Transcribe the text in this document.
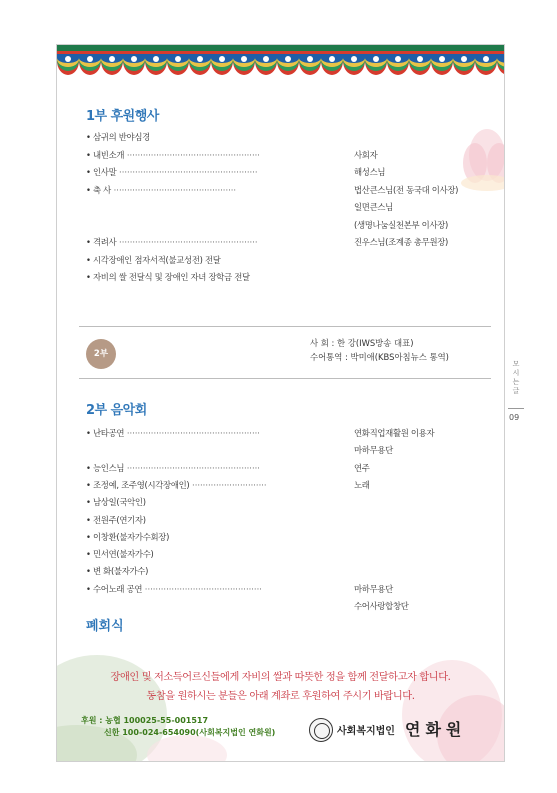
1부 후원행사
• 삼귀의 반야심경
• 내빈소개 ··················································	사회자
• 인사말 ····················································	해성스님
• 축 사 ··············································	법산큰스님(전 동국대 이사장)
일면큰스님
(생명나눔실천본부 이사장)
• 격려사 ····················································	진우스님(조계종 총무원장)
• 시각장애인 점자서적(불교성전) 전달
• 자비의 쌀 전달식 및 장애인 자녀 장학금 전달
2부
사 회 : 한 강(IWS방송 대표)
수어통역 : 박미애(KBS아침뉴스 통역)
2부 음악회
• 난타공연 ··················································	연화직업재활원 이용자
마하무용단
• 능인스님 ··················································	연주
• 조정예, 조주영(시각장애인) ····························	노래
• 남상일(국악인)
• 전원주(연기자)
• 이창환(불자가수회장)
• 민서연(불자가수)
• 변 화(불자가수)
• 수어노래 공연 ············································	마하무용단
수어사랑합창단
폐회식
장애인 및 저소득어르신들에게 자비의 쌀과 따뜻한 정을 함께 전달하고자 합니다.
동참을 원하시는 분들은 아래 계좌로 후원하여 주시기 바랍니다.
후원 : 농협 100025-55-001517
신한 100-024-654090(사회복지법인 연화원)	사회복지법인 연화원
모시는글
09
